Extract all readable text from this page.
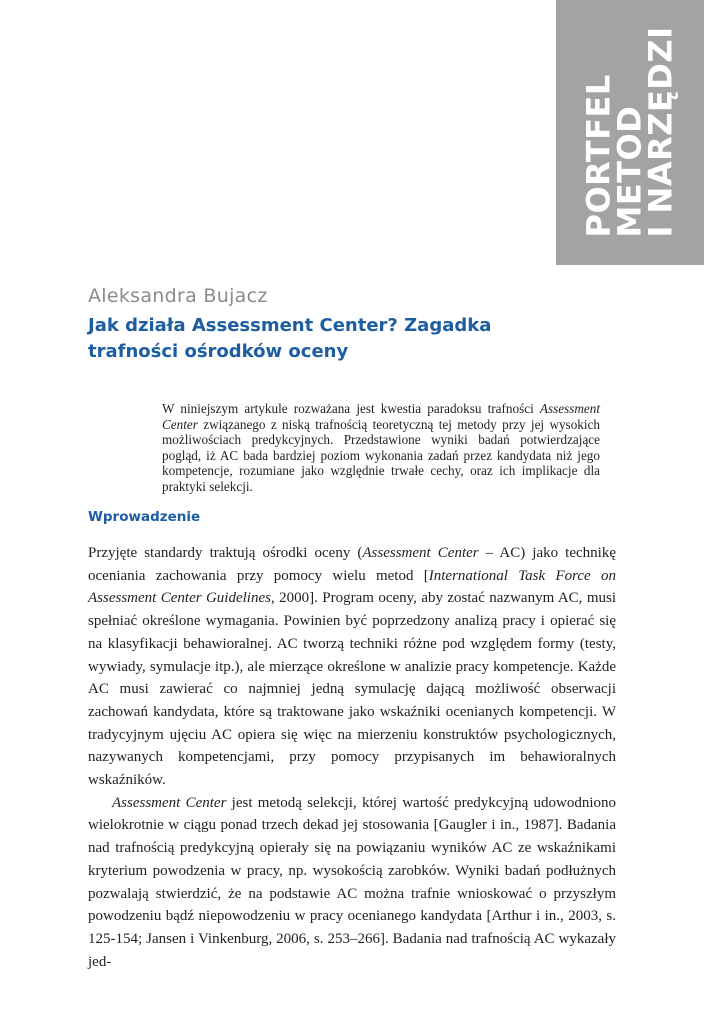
PORTFEL
METOD
I NARZĘDZI
Aleksandra Bujacz
Jak działa Assessment Center? Zagadka trafności ośrodków oceny
W niniejszym artykule rozważana jest kwestia paradoksu trafności Assessment Center związanego z niską trafnością teoretyczną tej metody przy jej wysokich możliwościach predykcyjnych. Przedstawione wyniki badań potwierdzające pogląd, iż AC bada bardziej poziom wykonania zadań przez kandydata niż jego kompetencje, rozumiane jako względnie trwałe cechy, oraz ich implikacje dla praktyki selekcji.
Wprowadzenie

Przyjęte standardy traktują ośrodki oceny (Assessment Center – AC) jako technikę oceniania zachowania przy pomocy wielu metod [International Task Force on Assessment Center Guidelines, 2000]. Program oceny, aby zostać nazwanym AC, musi spełniać określone wymagania. Powinien być poprzedzony analizą pracy i opierać się na klasyfikacji behawioralnej. AC tworzą techniki różne pod względem formy (testy, wywiady, symulacje itp.), ale mierzące określone w analizie pracy kompetencje. Każde AC musi zawierać co najmniej jedną symulację dającą możliwość obserwacji zachowań kandydata, które są traktowane jako wskaźniki ocenianych kompetencji. W tradycyjnym ujęciu AC opiera się więc na mierzeniu konstruktów psychologicznych, nazywanych kompetencjami, przy pomocy przypisanych im behawioralnych wskaźników.

Assessment Center jest metodą selekcji, której wartość predykcyjną udowodniono wielokrotnie w ciągu ponad trzech dekad jej stosowania [Gaugler i in., 1987]. Badania nad trafnością predykcyjną opierały się na powiązaniu wyników AC ze wskaźnikami kryterium powodzenia w pracy, np. wysokością zarobków. Wyniki badań podłużnych pozwalają stwierdzić, że na podstawie AC można trafnie wnioskować o przyszłym powodzeniu bądź niepowodzeniu w pracy ocenianego kandydata [Arthur i in., 2003, s. 125-154; Jansen i Vinkenburg, 2006, s. 253–266]. Badania nad trafnością AC wykazały jed-
